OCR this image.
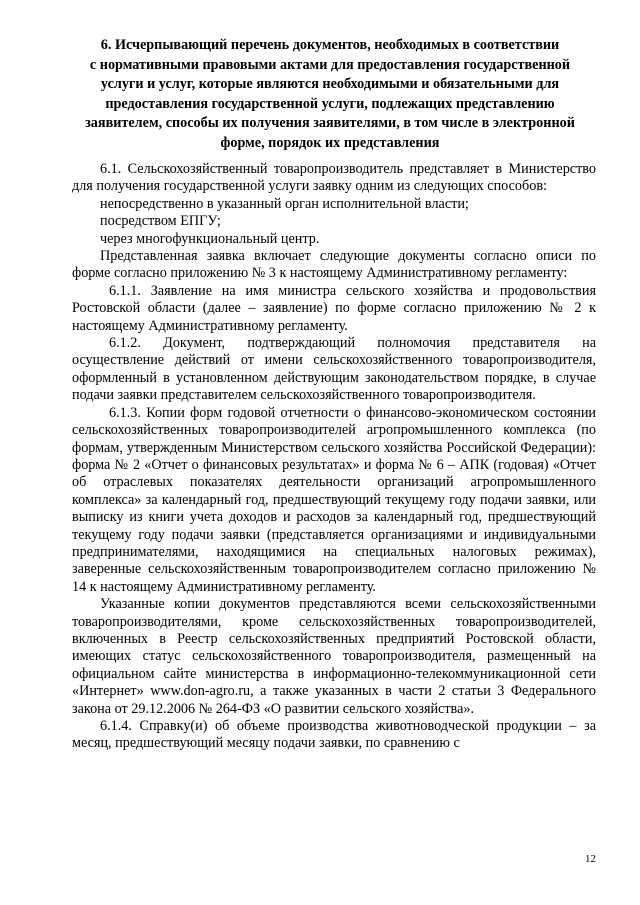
6. Исчерпывающий перечень документов, необходимых в соответствии
с нормативными правовыми актами для предоставления государственной
услуги и услуг, которые являются необходимыми и обязательными для
предоставления государственной услуги, подлежащих представлению
заявителем, способы их получения заявителями, в том числе в электронной
форме, порядок их представления

6.1. Сельскохозяйственный товаропроизводитель представляет в Министерство для получения государственной услуги заявку одним из следующих способов:

непосредственно в указанный орган исполнительной власти;

посредством ЕПГУ;

через многофункциональный центр.

Представленная заявка включает следующие документы согласно описи по форме согласно приложению № 3 к настоящему Административному регламенту:

6.1.1. Заявление на имя министра сельского хозяйства и продовольствия Ростовской области (далее – заявление) по форме согласно приложению № 2 к настоящему Административному регламенту.

6.1.2. Документ, подтверждающий полномочия представителя на осуществление действий от имени сельскохозяйственного товаропроизводителя, оформленный в установленном действующим законодательством порядке, в случае подачи заявки представителем сельскохозяйственного товаропроизводителя.

6.1.3. Копии форм годовой отчетности о финансово-экономическом состоянии сельскохозяйственных товаропроизводителей агропромышленного комплекса (по формам, утвержденным Министерством сельского хозяйства Российской Федерации): форма № 2 «Отчет о финансовых результатах» и форма № 6 – АПК (годовая) «Отчет об отраслевых показателях деятельности организаций агропромышленного комплекса» за календарный год, предшествующий текущему году подачи заявки, или выписку из книги учета доходов и расходов за календарный год, предшествующий текущему году подачи заявки (представляется организациями и индивидуальными предпринимателями, находящимися на специальных налоговых режимах), заверенные сельскохозяйственным товаропроизводителем согласно приложению № 14 к настоящему Административному регламенту.

Указанные копии документов представляются всеми сельскохозяйственными товаропроизводителями, кроме сельскохозяйственных товаропроизводителей, включенных в Реестр сельскохозяйственных предприятий Ростовской области, имеющих статус сельскохозяйственного товаропроизводителя, размещенный на официальном сайте министерства в информационно-телекоммуникационной сети «Интернет» www.don-agro.ru, а также указанных в части 2 статьи 3 Федерального закона от 29.12.2006 № 264-ФЗ «О развитии сельского хозяйства».

6.1.4. Справку(и) об объеме производства животноводческой продукции – за месяц, предшествующий месяцу подачи заявки, по сравнению с

12
